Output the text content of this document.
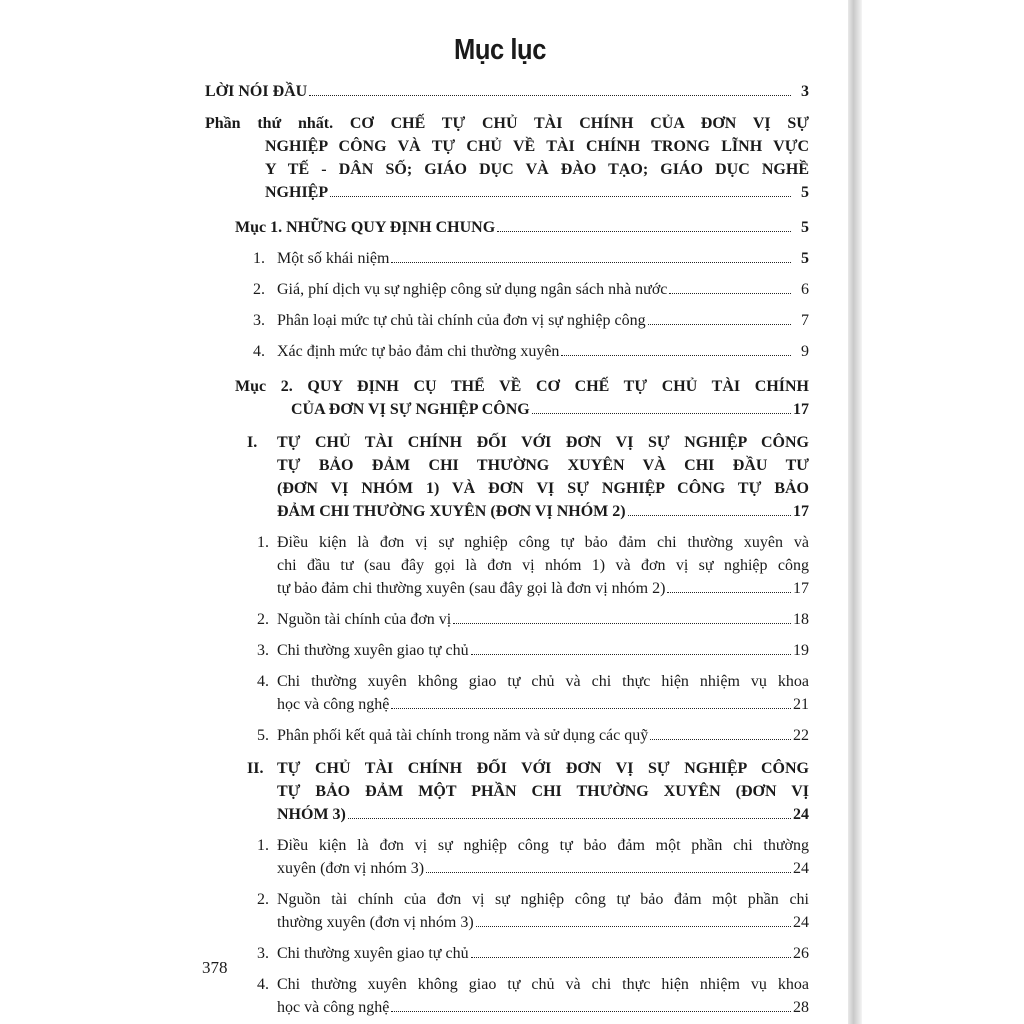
Mục lục
LỜI NÓI ĐẦU	3
Phần thứ nhất. CƠ CHẾ TỰ CHỦ TÀI CHÍNH CỦA ĐƠN VỊ SỰ
NGHIỆP CÔNG VÀ TỰ CHỦ VỀ TÀI CHÍNH TRONG LĨNH VỰC
Y TẾ - DÂN SỐ; GIÁO DỤC VÀ ĐÀO TẠO; GIÁO DỤC NGHỀ
NGHIỆP	5
Mục 1. NHỮNG QUY ĐỊNH CHUNG	5
1. Một số khái niệm	5
2. Giá, phí dịch vụ sự nghiệp công sử dụng ngân sách nhà nước	6
3. Phân loại mức tự chủ tài chính của đơn vị sự nghiệp công	7
4. Xác định mức tự bảo đảm chi thường xuyên	9
Mục 2. QUY ĐỊNH CỤ THỂ VỀ CƠ CHẾ TỰ CHỦ TÀI CHÍNH
CỦA ĐƠN VỊ SỰ NGHIỆP CÔNG	17
I. TỰ CHỦ TÀI CHÍNH ĐỐI VỚI ĐƠN VỊ SỰ NGHIỆP CÔNG
TỰ BẢO ĐẢM CHI THƯỜNG XUYÊN VÀ CHI ĐẦU TƯ
(ĐƠN VỊ NHÓM 1) VÀ ĐƠN VỊ SỰ NGHIỆP CÔNG TỰ BẢO
ĐẢM CHI THƯỜNG XUYÊN (ĐƠN VỊ NHÓM 2)	17
1. Điều kiện là đơn vị sự nghiệp công tự bảo đảm chi thường xuyên và
chi đầu tư (sau đây gọi là đơn vị nhóm 1) và đơn vị sự nghiệp công
tự bảo đảm chi thường xuyên (sau đây gọi là đơn vị nhóm 2)	17
2. Nguồn tài chính của đơn vị	18
3. Chi thường xuyên giao tự chủ	19
4. Chi thường xuyên không giao tự chủ và chi thực hiện nhiệm vụ khoa
học và công nghệ	21
5. Phân phối kết quả tài chính trong năm và sử dụng các quỹ	22
II. TỰ CHỦ TÀI CHÍNH ĐỐI VỚI ĐƠN VỊ SỰ NGHIỆP CÔNG
TỰ BẢO ĐẢM MỘT PHẦN CHI THƯỜNG XUYÊN (ĐƠN VỊ
NHÓM 3)	24
1. Điều kiện là đơn vị sự nghiệp công tự bảo đảm một phần chi thường
xuyên (đơn vị nhóm 3)	24
2. Nguồn tài chính của đơn vị sự nghiệp công tự bảo đảm một phần chi
thường xuyên (đơn vị nhóm 3)	24
3. Chi thường xuyên giao tự chủ	26
4. Chi thường xuyên không giao tự chủ và chi thực hiện nhiệm vụ khoa
học và công nghệ	28
378
